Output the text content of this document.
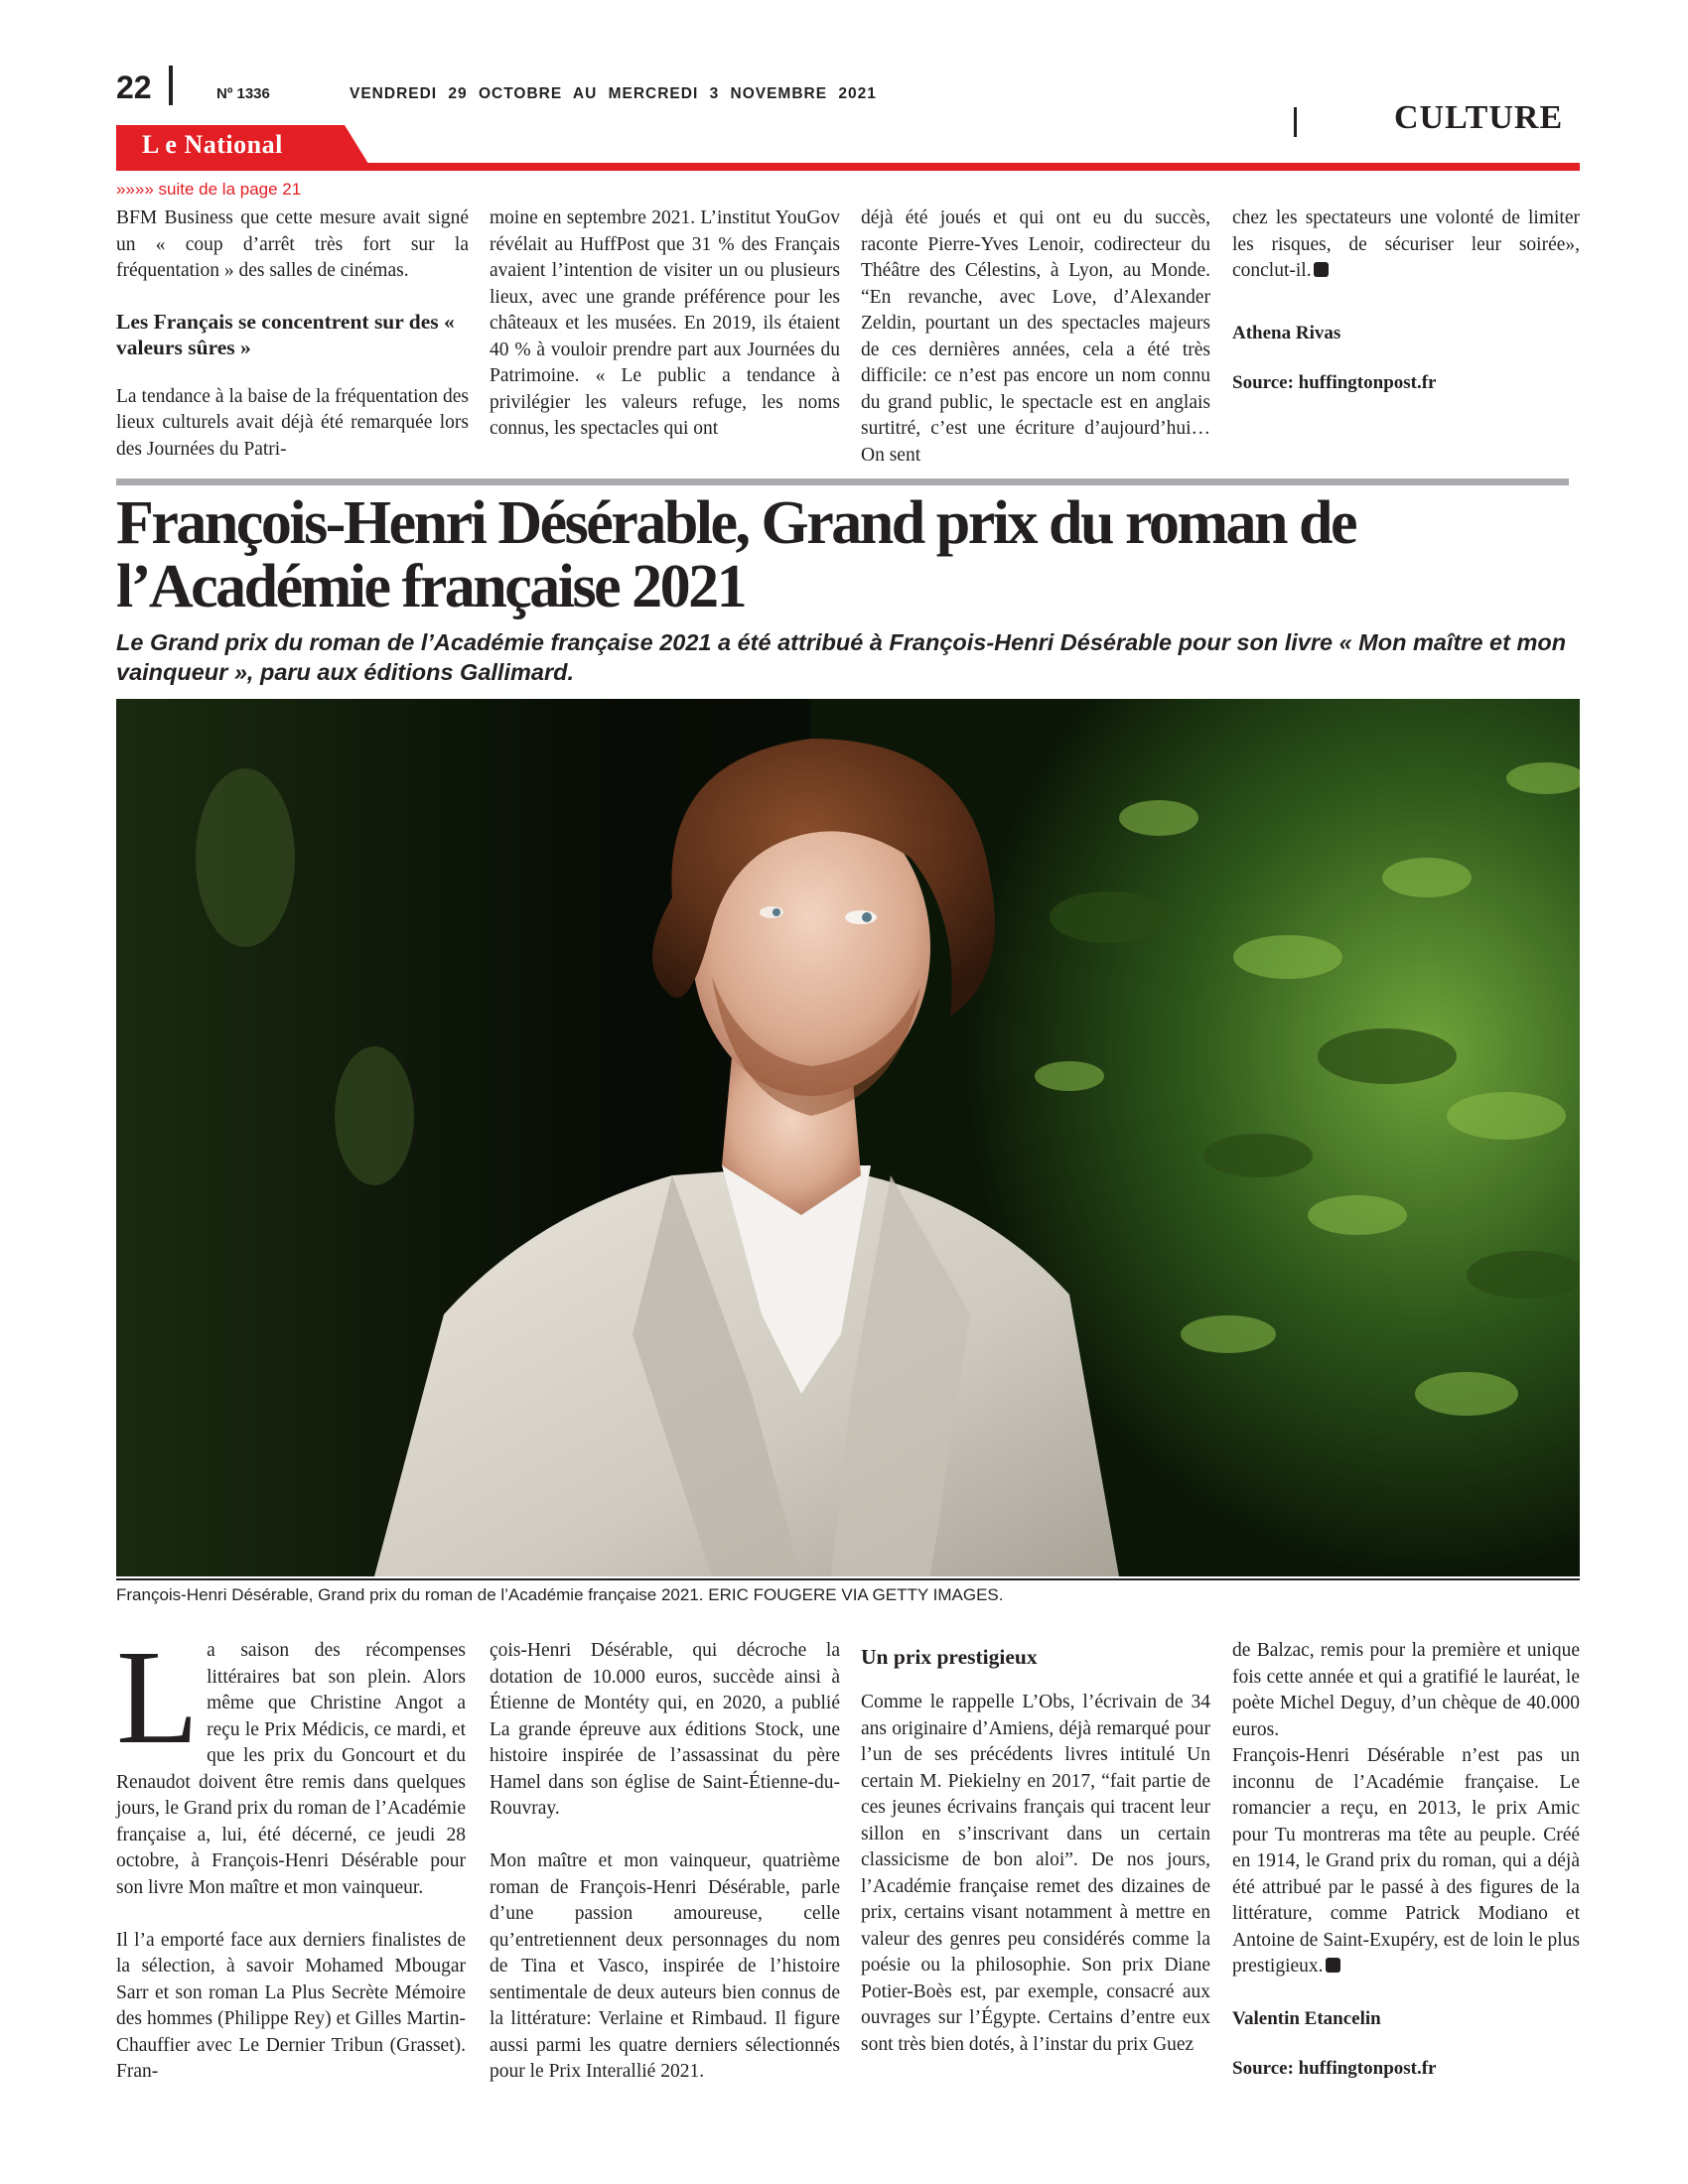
22	Nº 1336	VENDREDI 29 OCTOBRE AU MERCREDI 3 NOVEMBRE 2021
CULTURE
L e National
»»»» suite de la page 21

BFM Business que cette mesure avait signé un « coup d’arrêt très fort sur la fréquentation » des salles de cinémas.

Les Français se concentrent sur des « valeurs sûres »

La tendance à la baise de la fréquentation des lieux culturels avait déjà été remarquée lors des Journées du Patri-

moine en septembre 2021. L’institut YouGov révélait au HuffPost que 31 % des Français avaient l’intention de visiter un ou plusieurs lieux, avec une grande préférence pour les châteaux et les musées. En 2019, ils étaient 40 % à vouloir prendre part aux Journées du Patrimoine. « Le public a tendance à privilégier les valeurs refuge, les noms connus, les spectacles qui ont

déjà été joués et qui ont eu du succès, raconte Pierre-Yves Lenoir, codirecteur du Théâtre des Célestins, à Lyon, au Monde. “En revanche, avec Love, d’Alexander Zeldin, pourtant un des spectacles majeurs de ces dernières années, cela a été très difficile: ce n’est pas encore un nom connu du grand public, le spectacle est en anglais surtitré, c’est une écriture d’aujourd’hui… On sent

chez les spectateurs une volonté de limiter les risques, de sécuriser leur soirée», conclut-il.

Athena Rivas

Source: huffingtonpost.fr

François-Henri Désérable, Grand prix du roman de l’Académie française 2021

Le Grand prix du roman de l’Académie française 2021 a été attribué à François-Henri Désérable pour son livre « Mon maître et mon vainqueur », paru aux éditions Gallimard.

François-Henri Désérable, Grand prix du roman de l’Académie française 2021. ERIC FOUGERE VIA GETTY IMAGES.

La saison des récompenses littéraires bat son plein. Alors même que Christine Angot a reçu le Prix Médicis, ce mardi, et que les prix du Goncourt et du Renaudot doivent être remis dans quelques jours, le Grand prix du roman de l’Académie française a, lui, été décerné, ce jeudi 28 octobre, à François-Henri Désérable pour son livre Mon maître et mon vainqueur.

Il l’a emporté face aux derniers finalistes de la sélection, à savoir Mohamed Mbougar Sarr et son roman La Plus Secrète Mémoire des hommes (Philippe Rey) et Gilles Martin-Chauffier avec Le Dernier Tribun (Grasset). Fran-

çois-Henri Désérable, qui décroche la dotation de 10.000 euros, succède ainsi à Étienne de Montéty qui, en 2020, a publié La grande épreuve aux éditions Stock, une histoire inspirée de l’assassinat du père Hamel dans son église de Saint-Étienne-du-Rouvray.

Mon maître et mon vainqueur, quatrième roman de François-Henri Désérable, parle d’une passion amoureuse, celle qu’entretiennent deux personnages du nom de Tina et Vasco, inspirée de l’histoire sentimentale de deux auteurs bien connus de la littérature: Verlaine et Rimbaud. Il figure aussi parmi les quatre derniers sélectionnés pour le Prix Interallié 2021.

Un prix prestigieux

Comme le rappelle L’Obs, l’écrivain de 34 ans originaire d’Amiens, déjà remarqué pour l’un de ses précédents livres intitulé Un certain M. Piekielny en 2017, “fait partie de ces jeunes écrivains français qui tracent leur sillon en s’inscrivant dans un certain classicisme de bon aloi”. De nos jours, l’Académie française remet des dizaines de prix, certains visant notamment à mettre en valeur des genres peu considérés comme la poésie ou la philosophie. Son prix Diane Potier-Boès est, par exemple, consacré aux ouvrages sur l’Égypte. Certains d’entre eux sont très bien dotés, à l’instar du prix Guez

de Balzac, remis pour la première et unique fois cette année et qui a gratifié le lauréat, le poète Michel Deguy, d’un chèque de 40.000 euros.

François-Henri Désérable n’est pas un inconnu de l’Académie française. Le romancier a reçu, en 2013, le prix Amic pour Tu montreras ma tête au peuple. Créé en 1914, le Grand prix du roman, qui a déjà été attribué par le passé à des figures de la littérature, comme Patrick Modiano et Antoine de Saint-Exupéry, est de loin le plus prestigieux.

Valentin Etancelin

Source: huffingtonpost.fr
